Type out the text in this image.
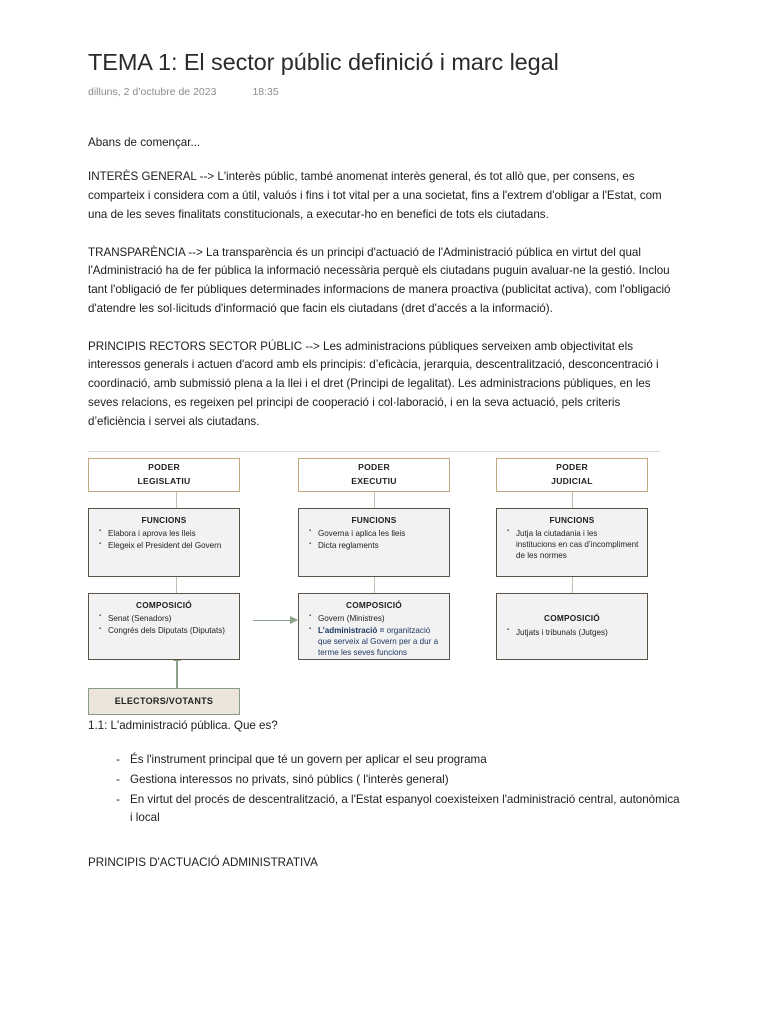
TEMA 1: El sector públic definició i marc legal
dilluns, 2 d’octubre de 2023	18:35

Abans de començar...

INTERÈS GENERAL --> L'interès públic, també anomenat interès general, és tot allò que, per consens, es comparteix i considera com a útil, valuós i fins i tot vital per a una societat, fins a l'extrem d'obligar a l'Estat, com una de les seves finalitats constitucionals, a executar-ho en benefici de tots els ciutadans.

TRANSPARÈNCIA --> La transparència és un principi d'actuació de l'Administració pública en virtut del qual l'Administració ha de fer pública la informació necessària perquè els ciutadans puguin avaluar-ne la gestió. Inclou tant l'obligació de fer públiques determinades informacions de manera proactiva (publicitat activa), com l'obligació d'atendre les sol·licituds d'informació que facin els ciutadans (dret d'accés a la informació).

PRINCIPIS RECTORS SECTOR PÚBLIC --> Les administracions públiques serveixen amb objectivitat els interessos generals i actuen d'acord amb els principis: d’eficàcia, jerarquia, descentralització, desconcentració i coordinació, amb submissió plena a la llei i el dret (Principi de legalitat). Les administracions públiques, en les seves relacions, es regeixen pel principi de cooperació i col·laboració, i en la seva actuació, pels criteris d’eficiència i servei als ciutadans.

PODER
LEGISLATIU
FUNCIONS
▪ Elabora i aprova les lleis
▪ Elegeix el President del Govern
COMPOSICIÓ
▪ Senat (Senadors)
▪ Congrés dels Diputats (Diputats)
ELECTORS/VOTANTS
PODER
EXECUTIU
FUNCIONS
▪ Governa i aplica les lleis
▪ Dicta reglaments
COMPOSICIÓ
▪ Govern (Ministres)
▪ L’administració = organització que serveix al Govern per a dur a terme les seves funcions
PODER
JUDICIAL
FUNCIONS
▪ Jutja la ciutadania i les institucions en cas d’incompliment de les normes
COMPOSICIÓ
▪ Jutjats i tribunals (Jutges)
1.1: L'administració pública. Que es?
- És l'instrument principal que té un govern per aplicar el seu programa
- Gestiona interessos no privats, sinó públics ( l'interès general)
- En virtut del procés de descentralització, a l'Estat espanyol coexisteixen l'administració central, autonòmica i local
PRINCIPIS D'ACTUACIÓ ADMINISTRATIVA
